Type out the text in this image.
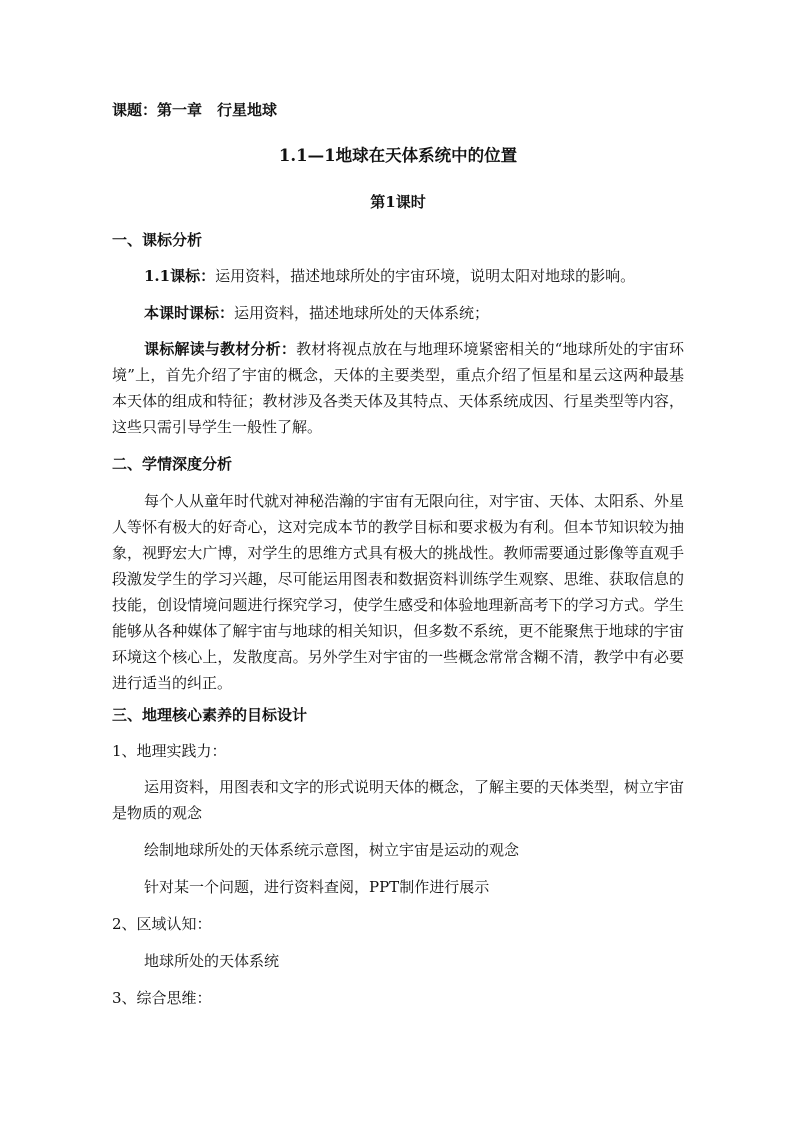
课题：第一章　行星地球
1.1—1地球在天体系统中的位置
第1课时
一、课标分析
1.1课标：运用资料，描述地球所处的宇宙环境，说明太阳对地球的影响。
本课时课标：运用资料，描述地球所处的天体系统；
课标解读与教材分析：教材将视点放在与地理环境紧密相关的“地球所处的宇宙环境”上，首先介绍了宇宙的概念，天体的主要类型，重点介绍了恒星和星云这两种最基本天体的组成和特征；教材涉及各类天体及其特点、天体系统成因、行星类型等内容，这些只需引导学生一般性了解。
二、学情深度分析
每个人从童年时代就对神秘浩瀚的宇宙有无限向往，对宇宙、天体、太阳系、外星人等怀有极大的好奇心，这对完成本节的教学目标和要求极为有利。但本节知识较为抽象，视野宏大广博，对学生的思维方式具有极大的挑战性。教师需要通过影像等直观手段激发学生的学习兴趣，尽可能运用图表和数据资料训练学生观察、思维、获取信息的技能，创设情境问题进行探究学习，使学生感受和体验地理新高考下的学习方式。学生能够从各种媒体了解宇宙与地球的相关知识，但多数不系统，更不能聚焦于地球的宇宙环境这个核心上，发散度高。另外学生对宇宙的一些概念常常含糊不清，教学中有必要进行适当的纠正。
三、地理核心素养的目标设计
1、地理实践力：
运用资料，用图表和文字的形式说明天体的概念，了解主要的天体类型，树立宇宙是物质的观念
绘制地球所处的天体系统示意图，树立宇宙是运动的观念
针对某一个问题，进行资料查阅，PPT制作进行展示
2、区域认知：
地球所处的天体系统
3、综合思维：
